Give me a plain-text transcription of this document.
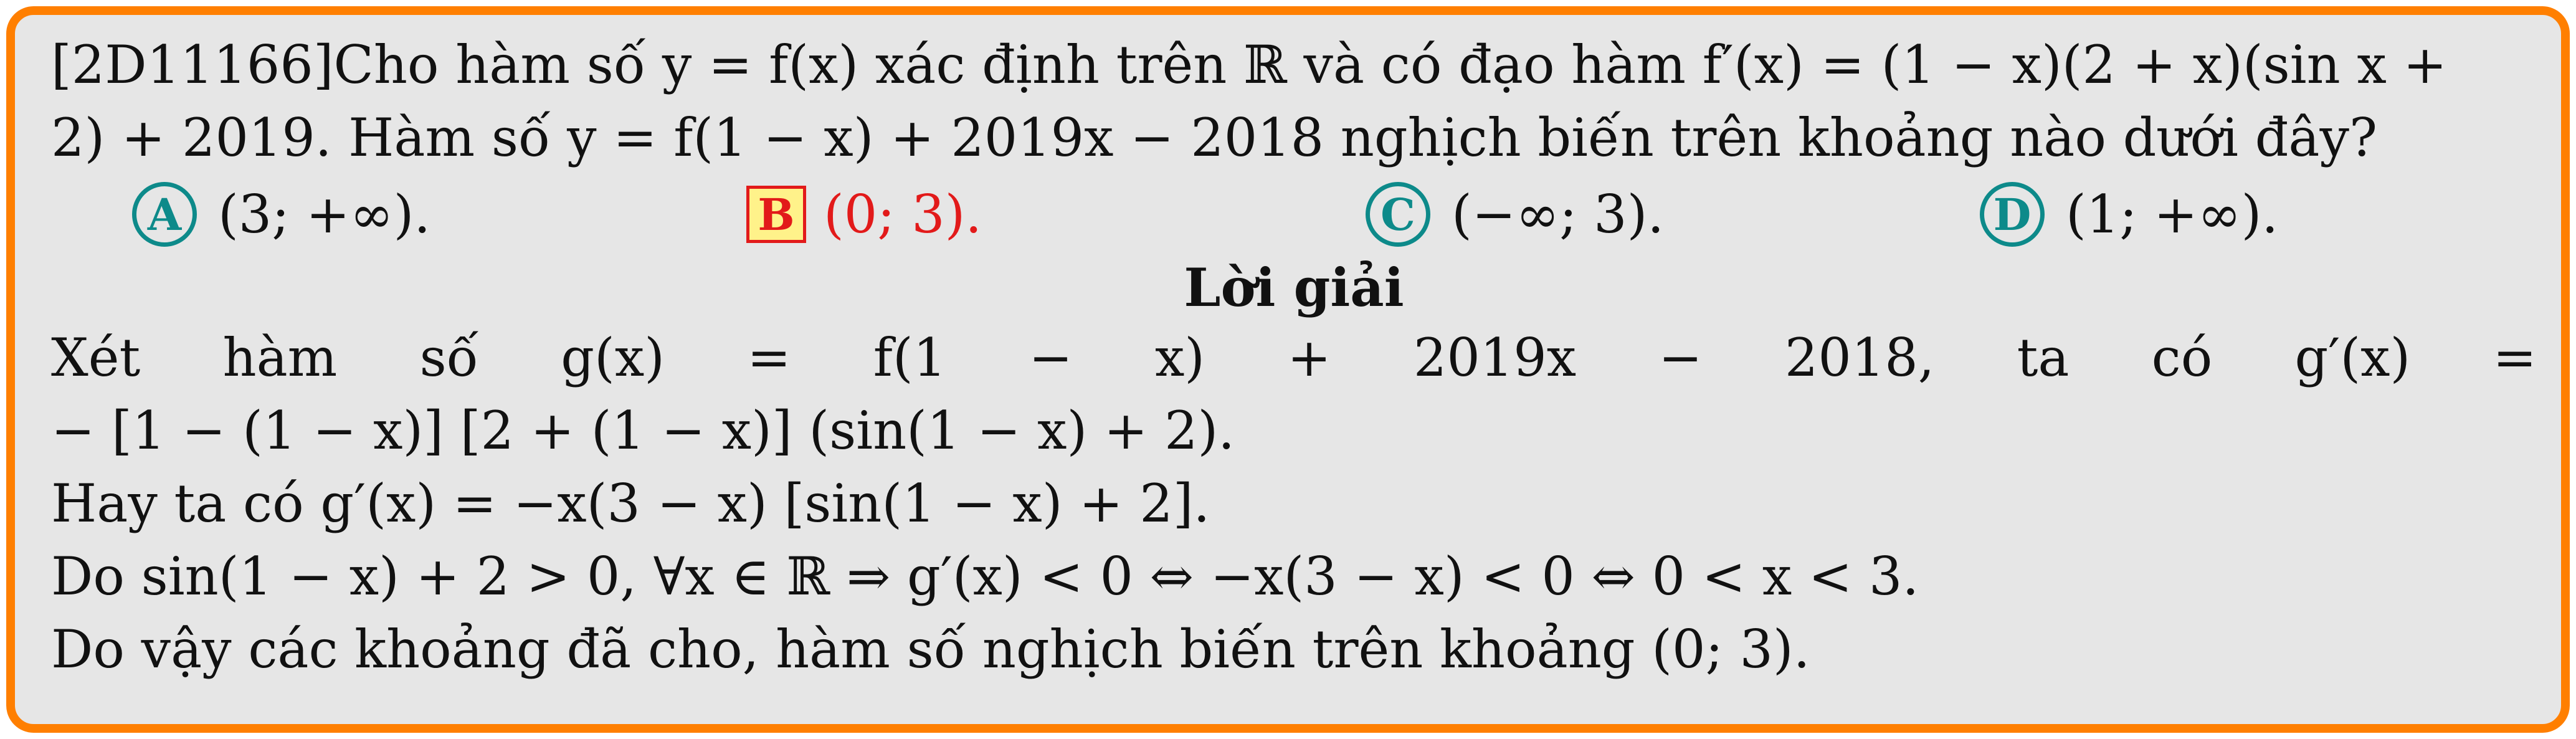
[2D11166]Cho hàm số y = f(x) xác định trên ℝ và có đạo hàm f′(x) = (1 − x)(2 + x)(sin x +
2) + 2019. Hàm số y = f(1 − x) + 2019x − 2018 nghịch biến trên khoảng nào dưới đây?
A (3; +∞).	B (0; 3).	C (−∞; 3).	D (1; +∞).
Lời giải
Xét hàm số g(x) = f(1 − x) + 2019x − 2018, ta có g′(x) =
− [1 − (1 − x)] [2 + (1 − x)] (sin(1 − x) + 2).
Hay ta có g′(x) = −x(3 − x) [sin(1 − x) + 2].
Do sin(1 − x) + 2 > 0, ∀x ∈ ℝ ⇒ g′(x) < 0 ⇔ −x(3 − x) < 0 ⇔ 0 < x < 3.
Do vậy các khoảng đã cho, hàm số nghịch biến trên khoảng (0; 3).
